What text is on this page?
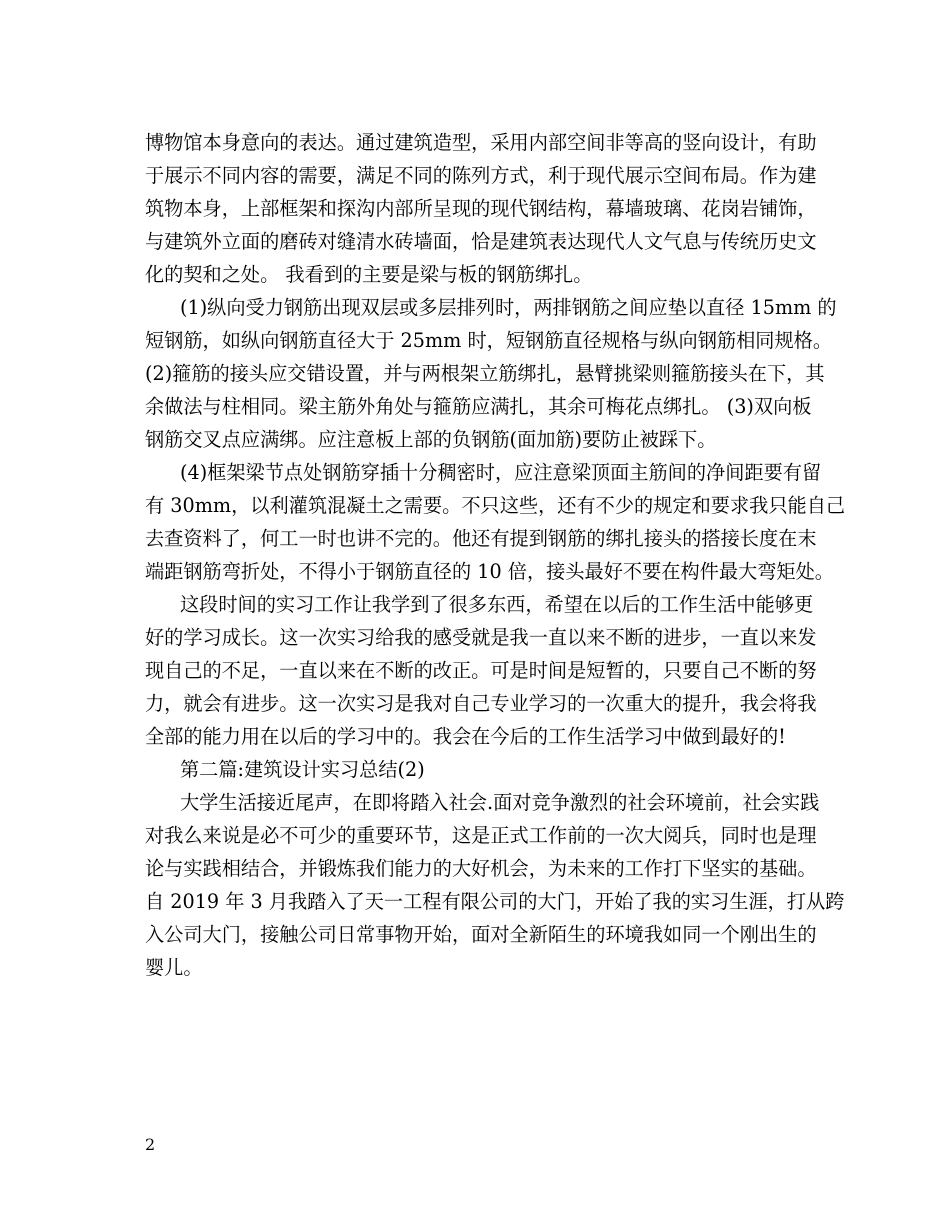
博物馆本身意向的表达。通过建筑造型，采用内部空间非等高的竖向设计，有助
于展示不同内容的需要，满足不同的陈列方式，利于现代展示空间布局。作为建
筑物本身，上部框架和探沟内部所呈现的现代钢结构，幕墙玻璃、花岗岩铺饰，
与建筑外立面的磨砖对缝清水砖墙面，恰是建筑表达现代人文气息与传统历史文
化的契和之处。 我看到的主要是梁与板的钢筋绑扎。
(1)纵向受力钢筋出现双层或多层排列时，两排钢筋之间应垫以直径 15mm 的
短钢筋，如纵向钢筋直径大于 25mm 时，短钢筋直径规格与纵向钢筋相同规格。
(2)箍筋的接头应交错设置，并与两根架立筋绑扎，悬臂挑梁则箍筋接头在下，其
余做法与柱相同。梁主筋外角处与箍筋应满扎，其余可梅花点绑扎。 (3)双向板
钢筋交叉点应满绑。应注意板上部的负钢筋(面加筋)要防止被踩下。
(4)框架梁节点处钢筋穿插十分稠密时，应注意梁顶面主筋间的净间距要有留
有 30mm，以利灌筑混凝土之需要。不只这些，还有不少的规定和要求我只能自己
去查资料了，何工一时也讲不完的。他还有提到钢筋的绑扎接头的搭接长度在末
端距钢筋弯折处，不得小于钢筋直径的 10 倍，接头最好不要在构件最大弯矩处。
这段时间的实习工作让我学到了很多东西，希望在以后的工作生活中能够更
好的学习成长。这一次实习给我的感受就是我一直以来不断的进步，一直以来发
现自己的不足，一直以来在不断的改正。可是时间是短暂的，只要自己不断的努
力，就会有进步。这一次实习是我对自己专业学习的一次重大的提升，我会将我
全部的能力用在以后的学习中的。我会在今后的工作生活学习中做到最好的!
第二篇:建筑设计实习总结(2)
大学生活接近尾声，在即将踏入社会.面对竞争激烈的社会环境前，社会实践
对我么来说是必不可少的重要环节，这是正式工作前的一次大阅兵，同时也是理
论与实践相结合，并锻炼我们能力的大好机会，为未来的工作打下坚实的基础。
自 2019 年 3 月我踏入了天一工程有限公司的大门，开始了我的实习生涯，打从跨
入公司大门，接触公司日常事物开始，面对全新陌生的环境我如同一个刚出生的
婴儿。
2
